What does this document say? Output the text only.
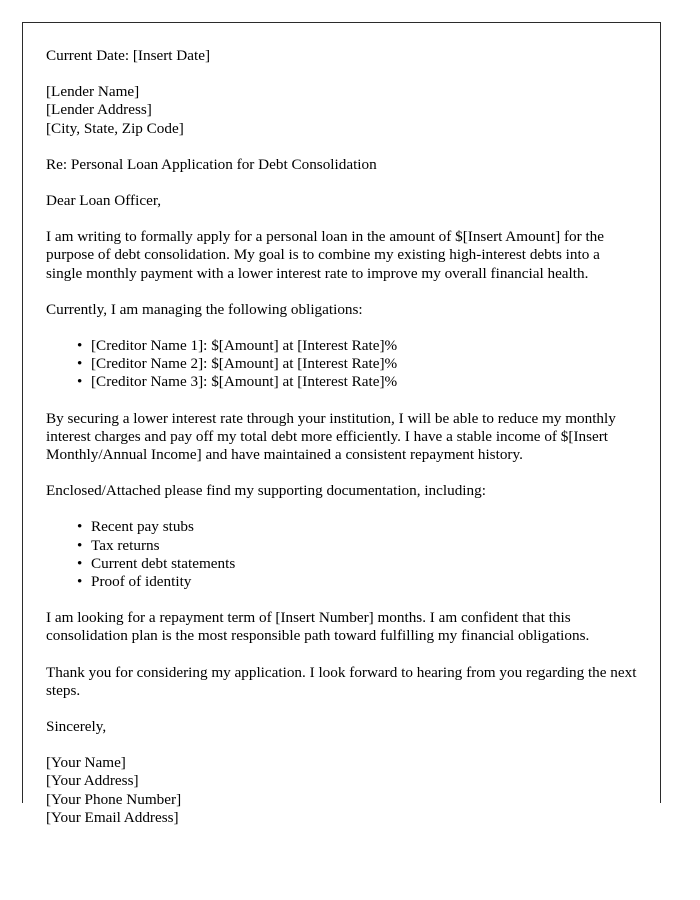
Current Date: [Insert Date]

[Lender Name]
[Lender Address]
[City, State, Zip Code]

Re: Personal Loan Application for Debt Consolidation

Dear Loan Officer,

I am writing to formally apply for a personal loan in the amount of $[Insert Amount] for the purpose of debt consolidation. My goal is to combine my existing high-interest debts into a single monthly payment with a lower interest rate to improve my overall financial health.

Currently, I am managing the following obligations:

• [Creditor Name 1]: $[Amount] at [Interest Rate]%
• [Creditor Name 2]: $[Amount] at [Interest Rate]%
• [Creditor Name 3]: $[Amount] at [Interest Rate]%

By securing a lower interest rate through your institution, I will be able to reduce my monthly interest charges and pay off my total debt more efficiently. I have a stable income of $[Insert Monthly/Annual Income] and have maintained a consistent repayment history.

Enclosed/Attached please find my supporting documentation, including:

• Recent pay stubs
• Tax returns
• Current debt statements
• Proof of identity

I am looking for a repayment term of [Insert Number] months. I am confident that this consolidation plan is the most responsible path toward fulfilling my financial obligations.

Thank you for considering my application. I look forward to hearing from you regarding the next steps.

Sincerely,

[Your Name]
[Your Address]
[Your Phone Number]
[Your Email Address]
